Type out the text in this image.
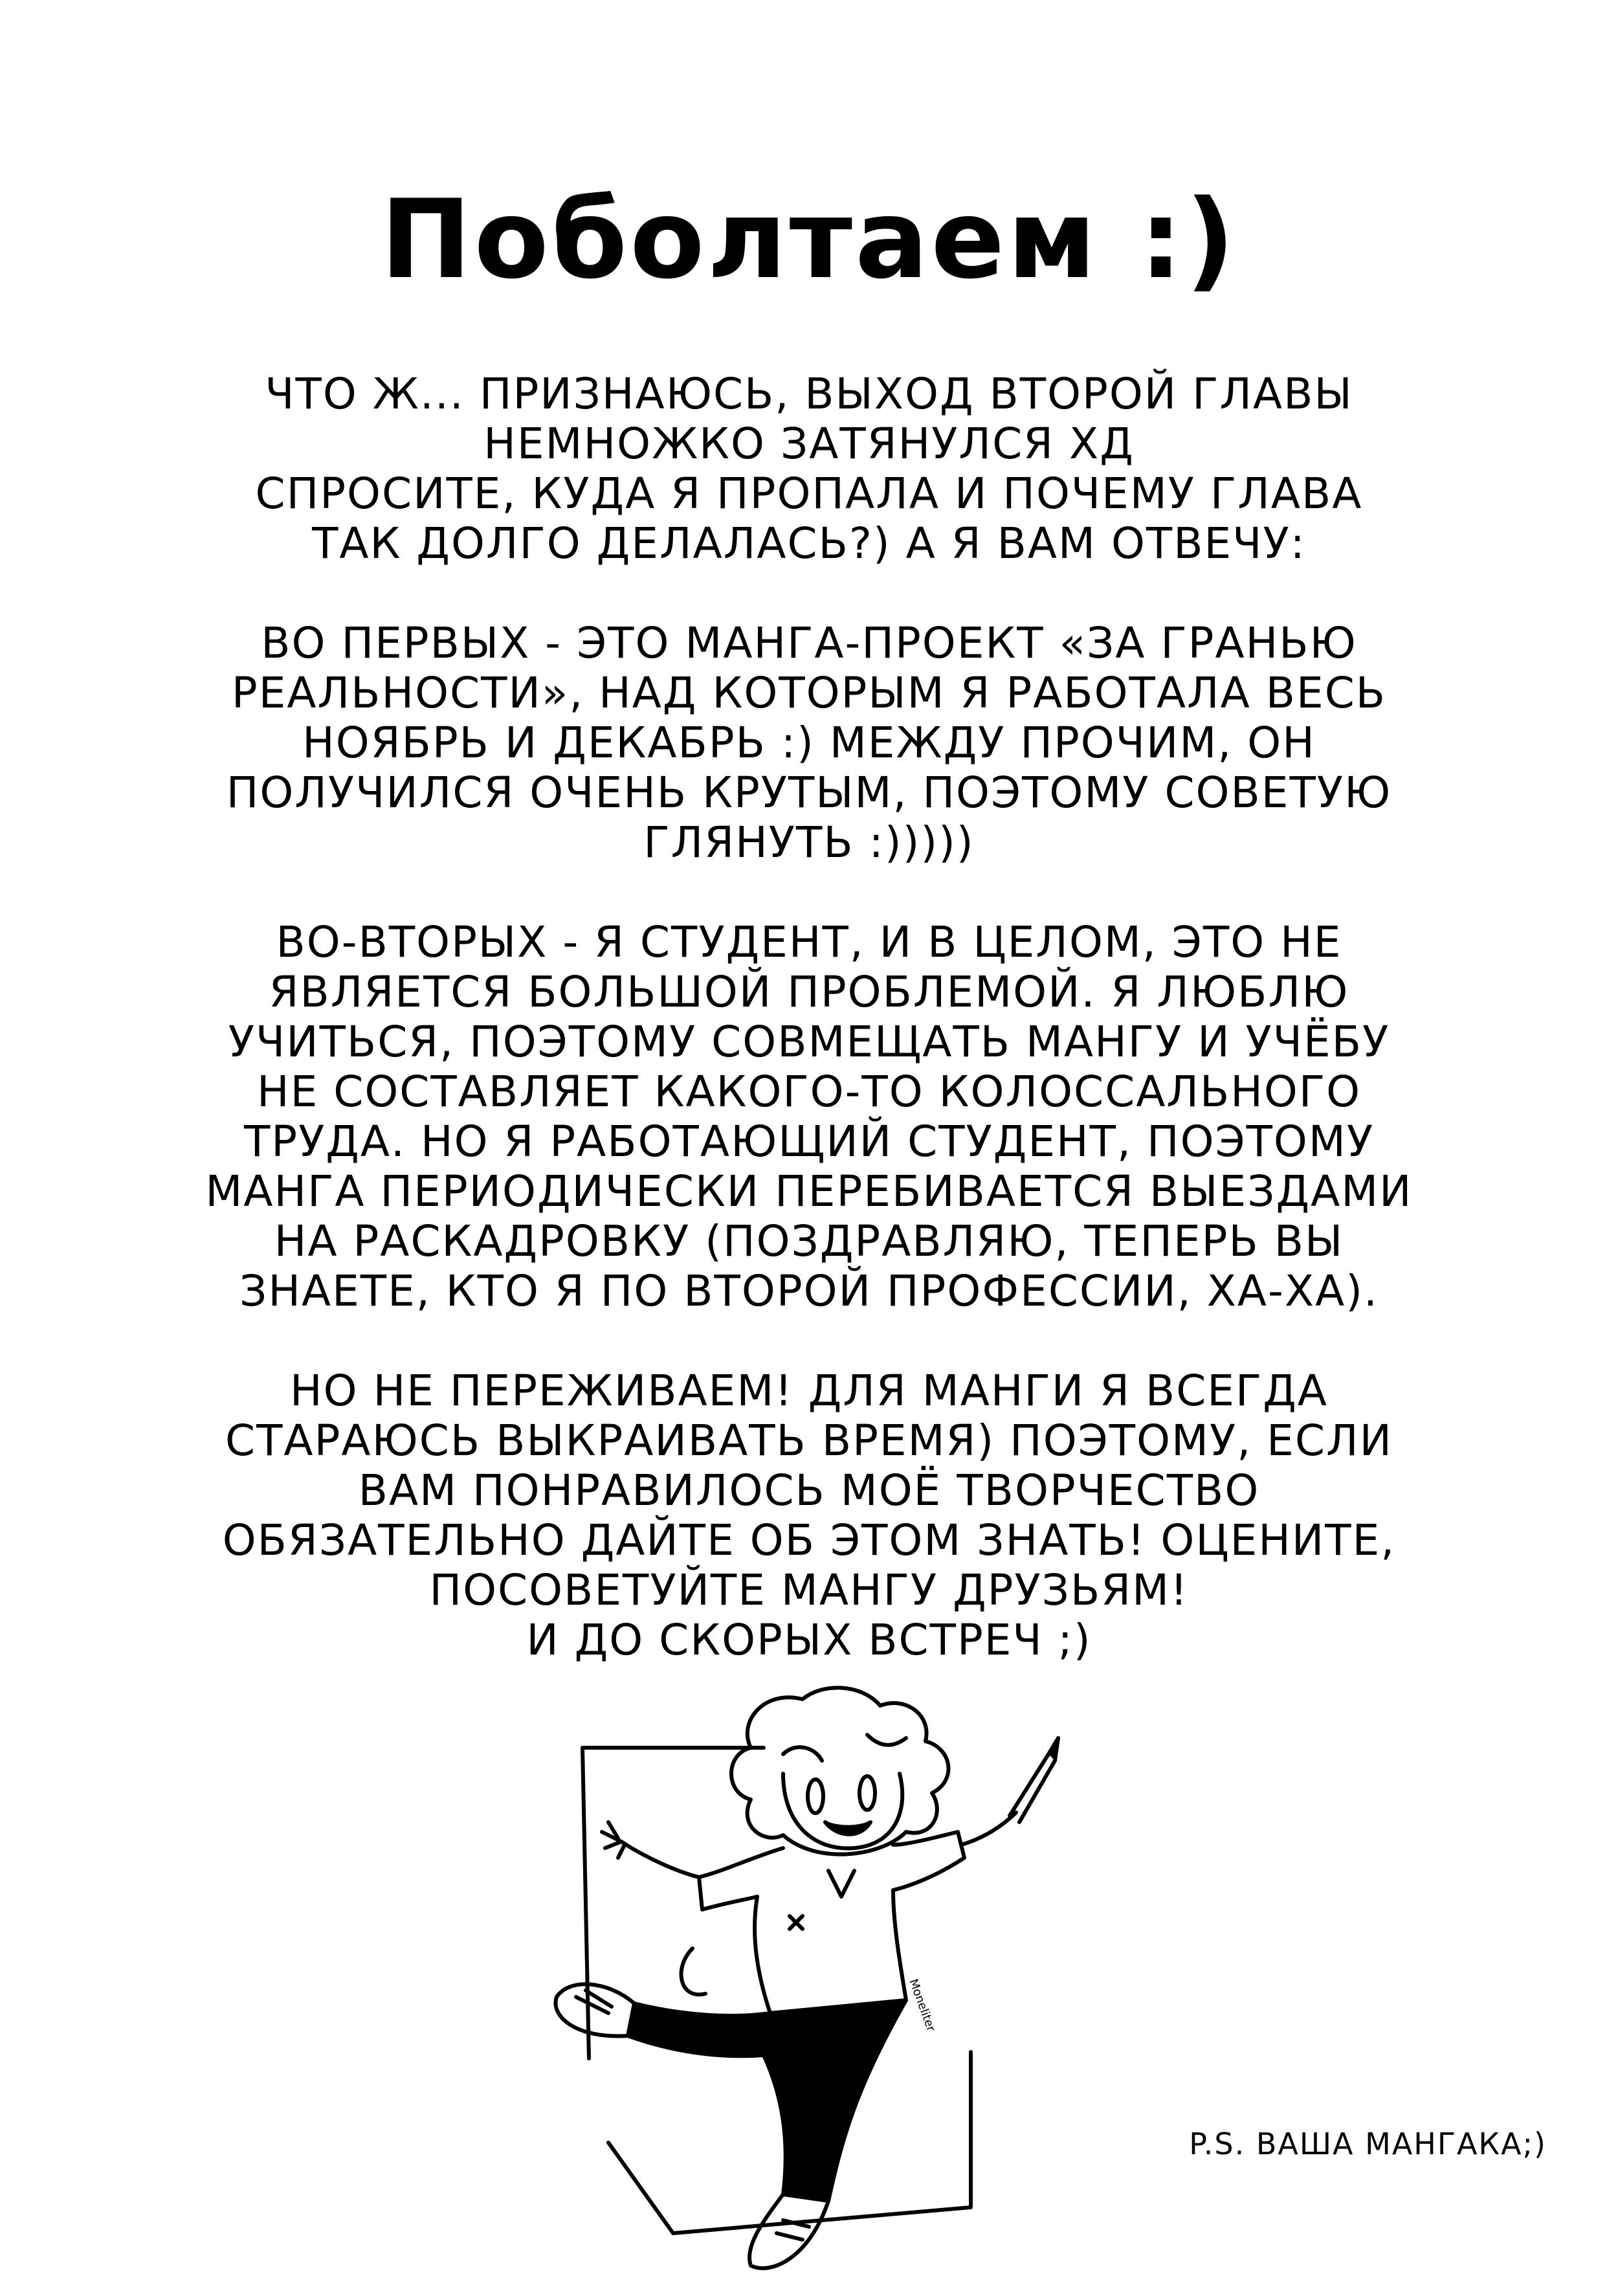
Поболтаем :)

ЧТО Ж... ПРИЗНАЮСЬ, ВЫХОД ВТОРОЙ ГЛАВЫ
НЕМНОЖКО ЗАТЯНУЛСЯ ХД
СПРОСИТЕ, КУДА Я ПРОПАЛА И ПОЧЕМУ ГЛАВА
ТАК ДОЛГО ДЕЛАЛАСЬ?) А Я ВАМ ОТВЕЧУ:

ВО ПЕРВЫХ - ЭТО МАНГА-ПРОЕКТ «ЗА ГРАНЬЮ
РЕАЛЬНОСТИ», НАД КОТОРЫМ Я РАБОТАЛА ВЕСЬ
НОЯБРЬ И ДЕКАБРЬ :) МЕЖДУ ПРОЧИМ, ОН
ПОЛУЧИЛСЯ ОЧЕНЬ КРУТЫМ, ПОЭТОМУ СОВЕТУЮ
ГЛЯНУТЬ :)))))

ВО-ВТОРЫХ - Я СТУДЕНТ, И В ЦЕЛОМ, ЭТО НЕ
ЯВЛЯЕТСЯ БОЛЬШОЙ ПРОБЛЕМОЙ. Я ЛЮБЛЮ
УЧИТЬСЯ, ПОЭТОМУ СОВМЕЩАТЬ МАНГУ И УЧЁБУ
НЕ СОСТАВЛЯЕТ КАКОГО-ТО КОЛОССАЛЬНОГО
ТРУДА. НО Я РАБОТАЮЩИЙ СТУДЕНТ, ПОЭТОМУ
МАНГА ПЕРИОДИЧЕСКИ ПЕРЕБИВАЕТСЯ ВЫЕЗДАМИ
НА РАСКАДРОВКУ (ПОЗДРАВЛЯЮ, ТЕПЕРЬ ВЫ
ЗНАЕТЕ, КТО Я ПО ВТОРОЙ ПРОФЕССИИ, ХА-ХА).

НО НЕ ПЕРЕЖИВАЕМ! ДЛЯ МАНГИ Я ВСЕГДА
СТАРАЮСЬ ВЫКРАИВАТЬ ВРЕМЯ) ПОЭТОМУ, ЕСЛИ
ВАМ ПОНРАВИЛОСЬ МОЁ ТВОРЧЕСТВО
ОБЯЗАТЕЛЬНО ДАЙТЕ ОБ ЭТОМ ЗНАТЬ! ОЦЕНИТЕ,
ПОСОВЕТУЙТЕ МАНГУ ДРУЗЬЯМ!
И ДО СКОРЫХ ВСТРЕЧ ;)

Moneliter
P.S. ВАША МАНГАКА;)
